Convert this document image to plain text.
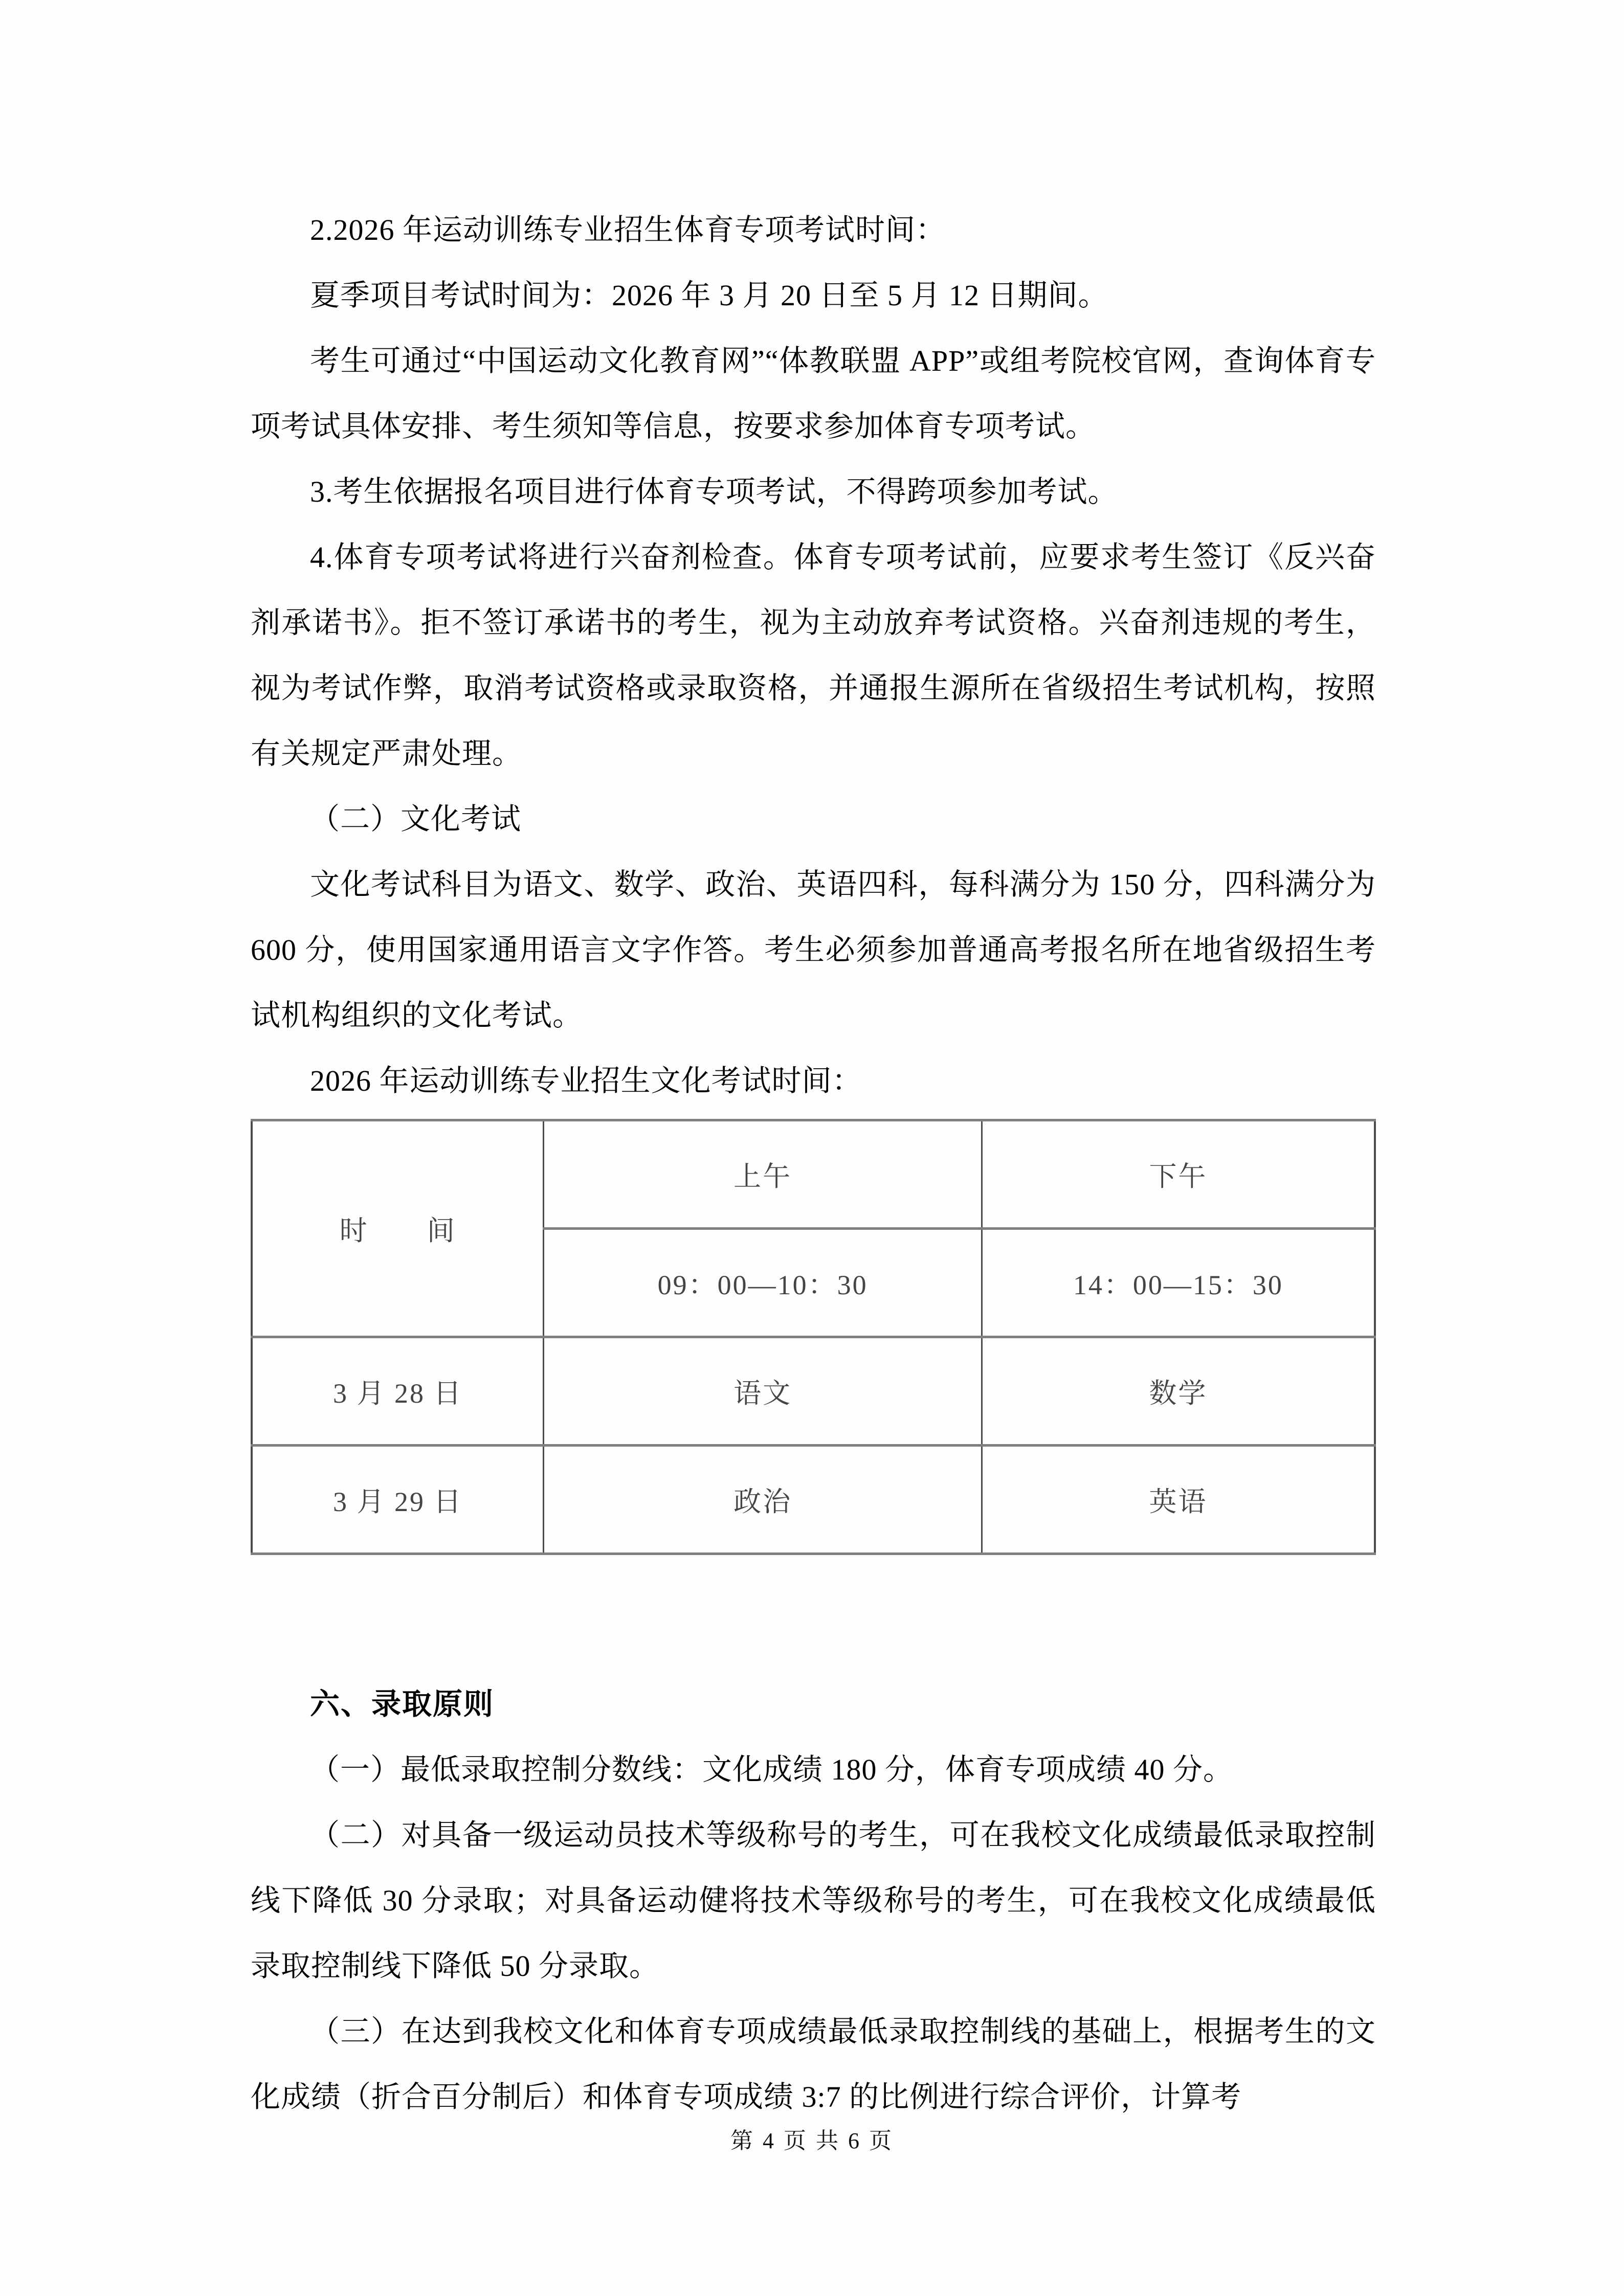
2.2026 年运动训练专业招生体育专项考试时间：

夏季项目考试时间为：2026 年 3 月 20 日至 5 月 12 日期间。

考生可通过“中国运动文化教育网”“体教联盟 APP”或组考院校官网，查询体育专项考试具体安排、考生须知等信息，按要求参加体育专项考试。

3.考生依据报名项目进行体育专项考试，不得跨项参加考试。

4.体育专项考试将进行兴奋剂检查。体育专项考试前，应要求考生签订《反兴奋剂承诺书》。拒不签订承诺书的考生，视为主动放弃考试资格。兴奋剂违规的考生，视为考试作弊，取消考试资格或录取资格，并通报生源所在省级招生考试机构，按照有关规定严肃处理。

（二）文化考试

文化考试科目为语文、数学、政治、英语四科，每科满分为 150 分，四科满分为 600 分，使用国家通用语言文字作答。考生必须参加普通高考报名所在地省级招生考试机构组织的文化考试。

2026 年运动训练专业招生文化考试时间：

时　　间	上午	下午
	09：00—10：30	14：00—15：30
3 月 28 日	语文	数学
3 月 29 日	政治	英语
六、录取原则

（一）最低录取控制分数线：文化成绩 180 分，体育专项成绩 40 分。

（二）对具备一级运动员技术等级称号的考生，可在我校文化成绩最低录取控制线下降低 30 分录取；对具备运动健将技术等级称号的考生，可在我校文化成绩最低录取控制线下降低 50 分录取。

（三）在达到我校文化和体育专项成绩最低录取控制线的基础上，根据考生的文化成绩（折合百分制后）和体育专项成绩 3:7 的比例进行综合评价，计算考

第 4 页 共 6 页
